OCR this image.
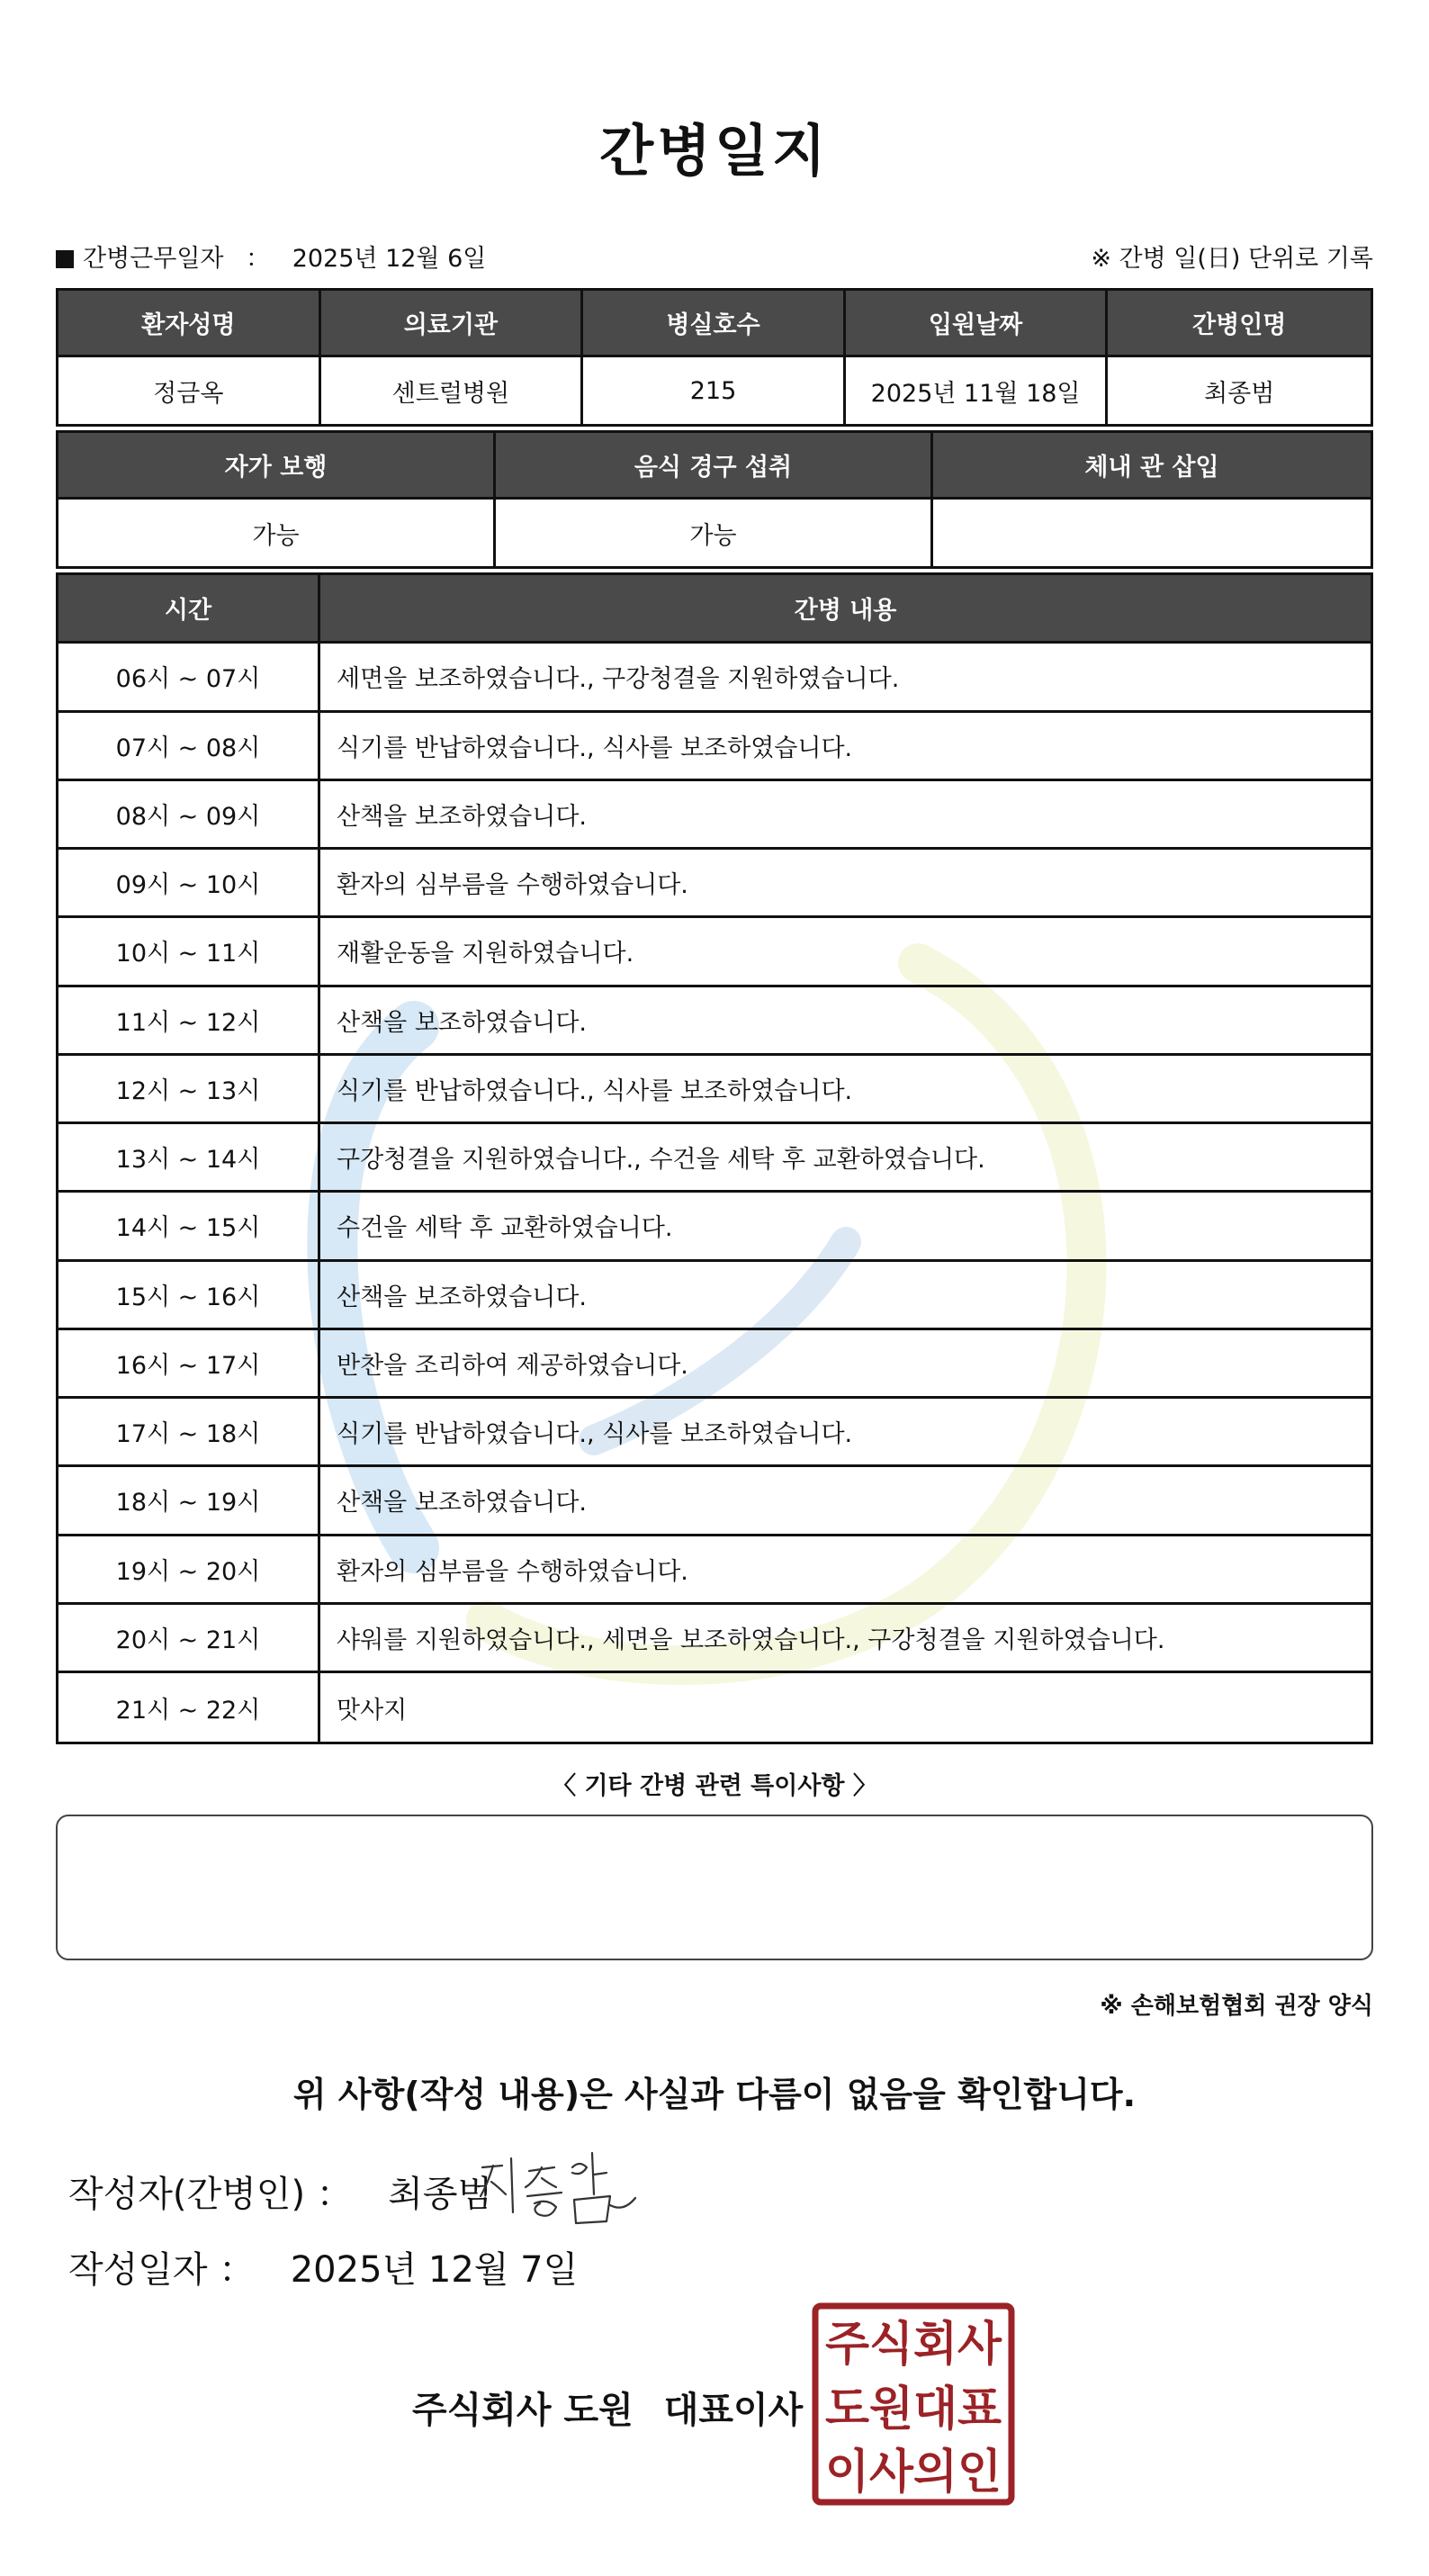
간병일지
간병근무일자 ： 2025년 12월 6일	※ 간병 일(日) 단위로 기록
환자성명	의료기관	병실호수	입원날짜	간병인명
정금옥	센트럴병원	215	2025년 11월 18일	최종범
자가 보행	음식 경구 섭취	체내 관 삽입
가능	가능
시간	간병 내용
06시 ~ 07시	세면을 보조하였습니다., 구강청결을 지원하였습니다.
07시 ~ 08시	식기를 반납하였습니다., 식사를 보조하였습니다.
08시 ~ 09시	산책을 보조하였습니다.
09시 ~ 10시	환자의 심부름을 수행하였습니다.
10시 ~ 11시	재활운동을 지원하였습니다.
11시 ~ 12시	산책을 보조하였습니다.
12시 ~ 13시	식기를 반납하였습니다., 식사를 보조하였습니다.
13시 ~ 14시	구강청결을 지원하였습니다., 수건을 세탁 후 교환하였습니다.
14시 ~ 15시	수건을 세탁 후 교환하였습니다.
15시 ~ 16시	산책을 보조하였습니다.
16시 ~ 17시	반찬을 조리하여 제공하였습니다.
17시 ~ 18시	식기를 반납하였습니다., 식사를 보조하였습니다.
18시 ~ 19시	산책을 보조하였습니다.
19시 ~ 20시	환자의 심부름을 수행하였습니다.
20시 ~ 21시	샤워를 지원하였습니다., 세면을 보조하였습니다., 구강청결을 지원하였습니다.
21시 ~ 22시	맛사지
〈 기타 간병 관련 특이사항 〉
※ 손해보험협회 권장 양식
위 사항(작성 내용)은 사실과 다름이 없음을 확인합니다.
작성자(간병인) ： 최종범
작성일자 ： 2025년 12월 7일
주식회사 도원 대표이사
주식회사
도원대표
이사의인
